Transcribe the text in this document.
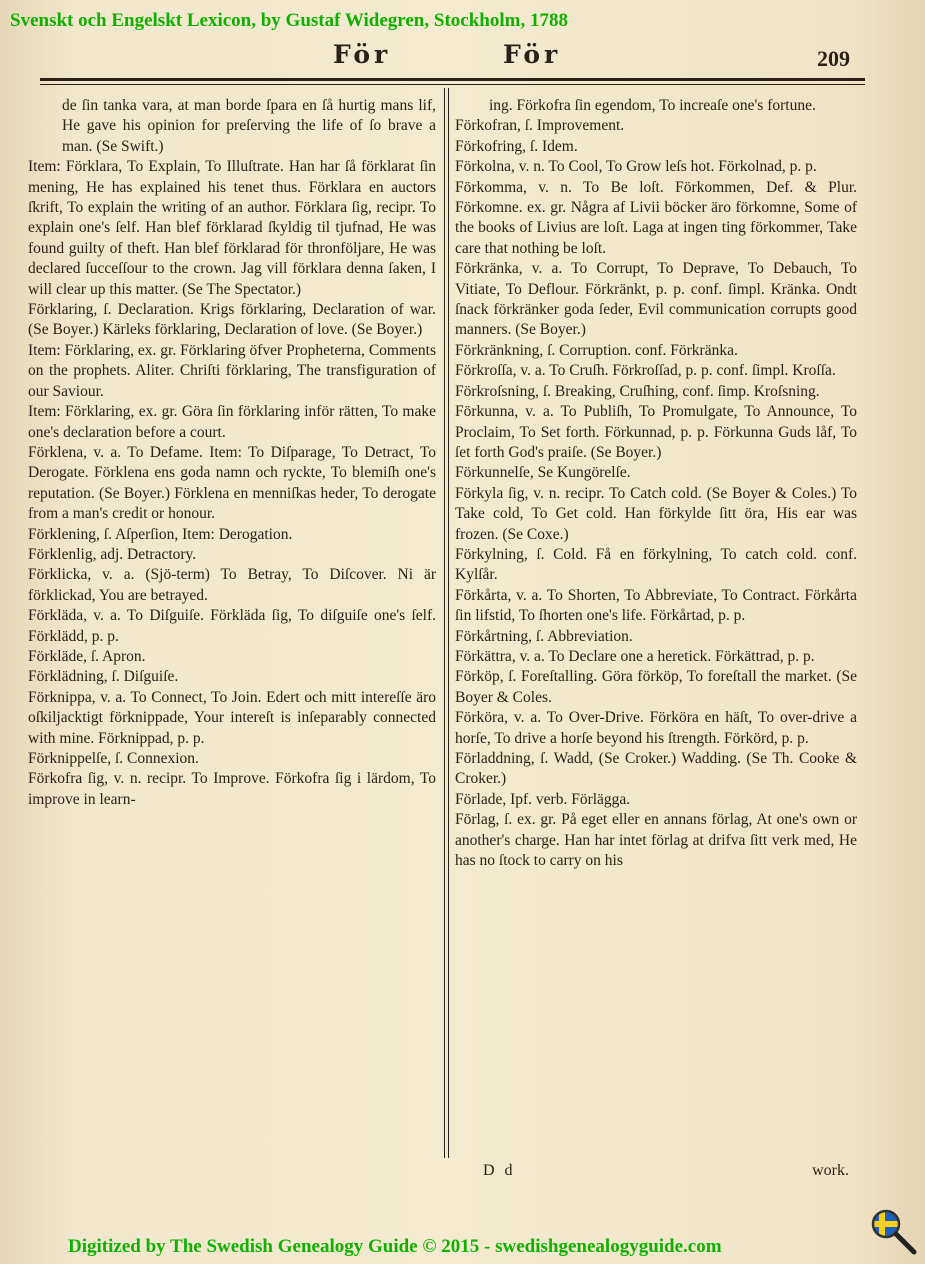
Svenskt och Engelskt Lexicon, by Gustaf Widegren, Stockholm, 1788
För	För	209

de ſin tanka vara, at man borde ſpara en ſå hurtig mans lif, He gave his opinion for preſerving the life of ſo brave a man. (Se Swift.)

Item: Förklara, To Explain, To Illuſtrate. Han har ſå förklarat ſin mening, He has explained his tenet thus. Förklara en auctors ſkrift, To explain the writing of an author. Förklara ſig, recipr. To explain one's ſelf. Han blef förklarad ſkyldig til tjufnad, He was found guilty of theft. Han blef förklarad för thronföljare, He was declared ſucceſſour to the crown. Jag vill förklara denna ſaken, I will clear up this matter. (Se The Spectator.)

Förklaring, ſ. Declaration. Krigs förklaring, Declaration of war. (Se Boyer.) Kärleks förklaring, Declaration of love. (Se Boyer.)

Item: Förklaring, ex. gr. Förklaring öfver Propheterna, Comments on the prophets. Aliter. Chriſti förklaring, The transfiguration of our Saviour.

Item: Förklaring, ex. gr. Göra ſin förklaring inför rätten, To make one's declaration before a court.

Förklena, v. a. To Defame. Item: To Diſparage, To Detract, To Derogate. Förklena ens goda namn och ryckte, To blemiſh one's reputation. (Se Boyer.) Förklena en menniſkas heder, To derogate from a man's credit or honour.

Förklening, ſ. Aſperſion, Item: Derogation.

Förklenlig, adj. Detractory.

Förklicka, v. a. (Sjö-term) To Betray, To Diſcover. Ni är förklickad, You are betrayed.

Förkläda, v. a. To Diſguiſe. Förkläda ſig, To diſguiſe one's ſelf. Förklädd, p. p.

Förkläde, ſ. Apron.

Förklädning, ſ. Diſguiſe.

Förknippa, v. a. To Connect, To Join. Edert och mitt intereſſe äro oſkiljacktigt förknippade, Your intereſt is inſeparably connected with mine. Förknippad, p. p.

Förknippelſe, ſ. Connexion.

Förkofra ſig, v. n. recipr. To Improve. Förkofra ſig i lärdom, To improve in learn-

ing. Förkofra ſin egendom, To increaſe one's fortune.

Förkofran, ſ. Improvement.

Förkofring, ſ. Idem.

Förkolna, v. n. To Cool, To Grow leſs hot. Förkolnad, p. p.

Förkomma, v. n. To Be loſt. Förkommen, Def. & Plur. Förkomne. ex. gr. Några af Livii böcker äro förkomne, Some of the books of Livius are loſt. Laga at ingen ting förkommer, Take care that nothing be loſt.

Förkränka, v. a. To Corrupt, To Deprave, To Debauch, To Vitiate, To Deflour. Förkränkt, p. p. conf. ſimpl. Kränka. Ondt ſnack förkränker goda ſeder, Evil communication corrupts good manners. (Se Boyer.)

Förkränkning, ſ. Corruption. conf. Förkränka.

Förkroſſa, v. a. To Cruſh. Förkroſſad, p. p. conf. ſimpl. Kroſſa.

Förkroſsning, ſ. Breaking, Cruſhing, conf. ſimp. Kroſsning.

Förkunna, v. a. To Publiſh, To Promulgate, To Announce, To Proclaim, To Set forth. Förkunnad, p. p. Förkunna Guds låf, To ſet forth God's praiſe. (Se Boyer.)

Förkunnelſe, Se Kungörelſe.

Förkyla ſig, v. n. recipr. To Catch cold. (Se Boyer & Coles.) To Take cold, To Get cold. Han förkylde ſitt öra, His ear was frozen. (Se Coxe.)

Förkylning, ſ. Cold. Få en förkylning, To catch cold. conf. Kylſår.

Förkårta, v. a. To Shorten, To Abbreviate, To Contract. Förkårta ſin lifstid, To ſhorten one's life. Förkårtad, p. p.

Förkårtning, ſ. Abbreviation.

Förkättra, v. a. To Declare one a heretick. Förkättrad, p. p.

Förköp, ſ. Foreſtalling. Göra förköp, To foreſtall the market. (Se Boyer & Coles.

Förköra, v. a. To Over-Drive. Förköra en häſt, To over-drive a horſe, To drive a horſe beyond his ſtrength. Förkörd, p. p.

Förladdning, ſ. Wadd, (Se Croker.) Wadding. (Se Th. Cooke & Croker.)

Förlade, Ipf. verb. Förlägga.

Förlag, ſ. ex. gr. På eget eller en annans förlag, At one's own or another's charge. Han har intet förlag at drifva ſitt verk med, He has no ſtock to carry on his

D d	work.
Digitized by The Swedish Genealogy Guide © 2015 - swedishgenealogyguide.com
